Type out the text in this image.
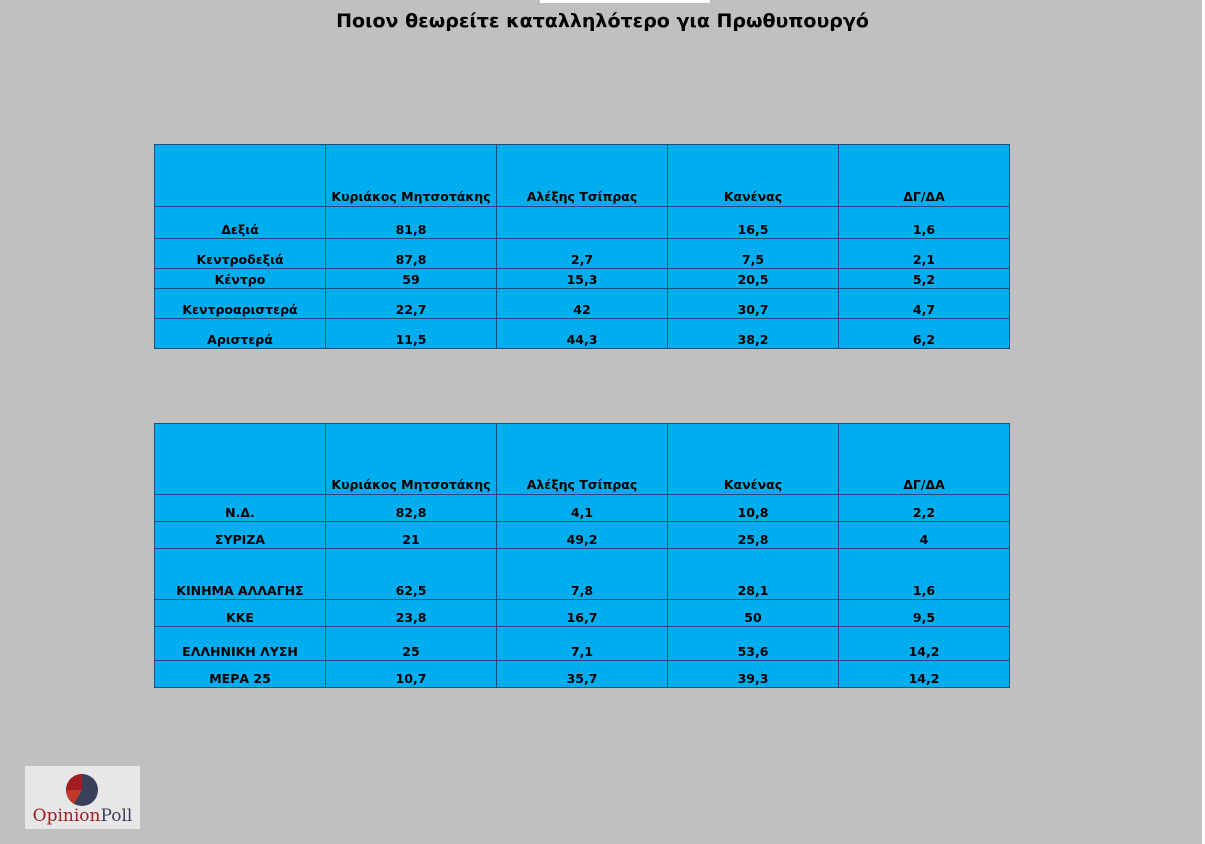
Ποιον θεωρείτε καταλληλότερο για Πρωθυπουργό
	Κυριάκος Μητσοτάκης	Αλέξης Τσίπρας	Κανένας	ΔΓ/ΔΑ
Δεξιά	81,8		16,5	1,6
Κεντροδεξιά	87,8	2,7	7,5	2,1
Κέντρο	59	15,3	20,5	5,2
Κεντροαριστερά	22,7	42	30,7	4,7
Αριστερά	11,5	44,3	38,2	6,2
	Κυριάκος Μητσοτάκης	Αλέξης Τσίπρας	Κανένας	ΔΓ/ΔΑ
Ν.Δ.	82,8	4,1	10,8	2,2
ΣΥΡΙΖΑ	21	49,2	25,8	4
ΚΙΝΗΜΑ ΑΛΛΑΓΗΣ	62,5	7,8	28,1	1,6
ΚΚΕ	23,8	16,7	50	9,5
ΕΛΛΗΝΙΚΗ ΛΥΣΗ	25	7,1	53,6	14,2
ΜΕΡΑ 25	10,7	35,7	39,3	14,2
OpinionPoll
